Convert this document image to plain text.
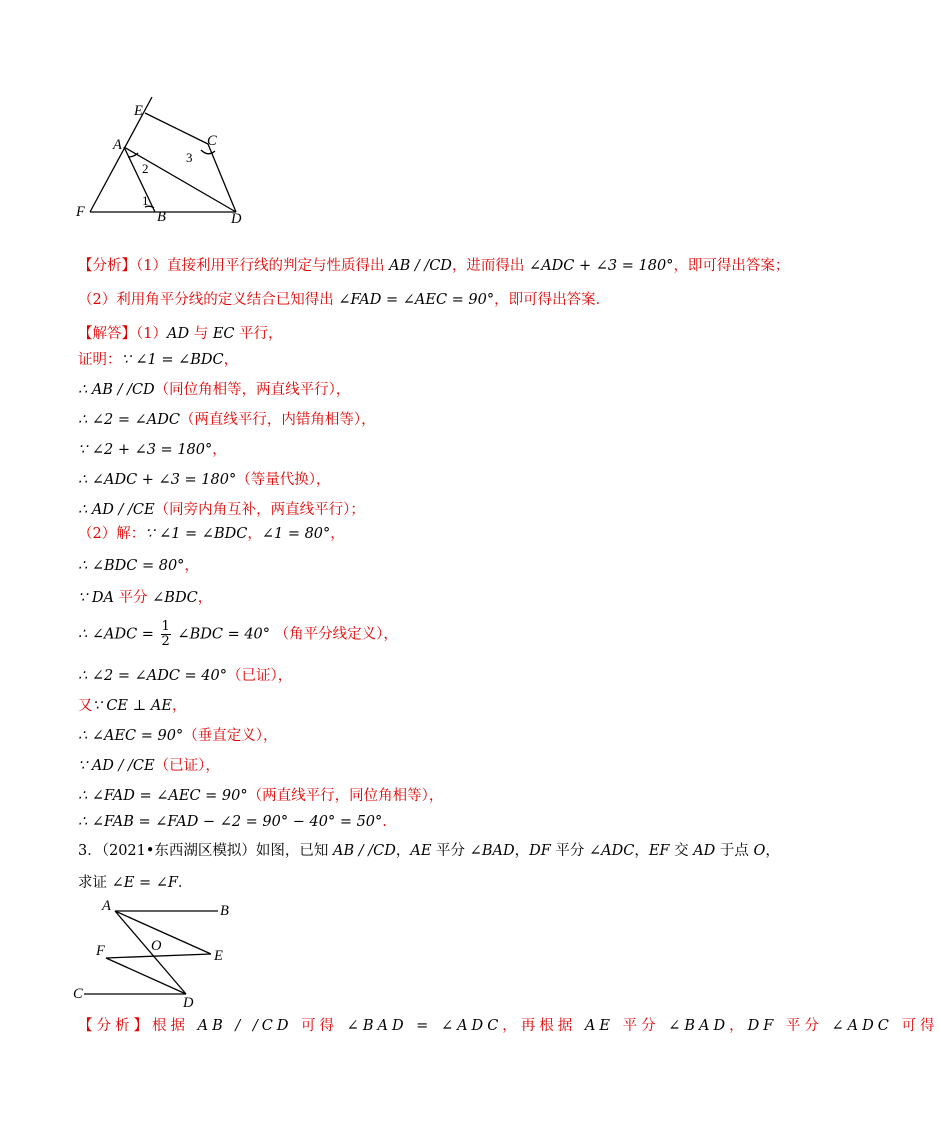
E
A	C
F	B	D
1
2
3
【分析】（1）直接利用平行线的判定与性质得出 AB / /CD，进而得出 ∠ADC + ∠3 = 180°，即可得出答案；
（2）利用角平分线的定义结合已知得出 ∠FAD = ∠AEC = 90°，即可得出答案．
【解答】（1）AD 与 EC 平行，
证明：∵ ∠1 = ∠BDC，
∴ AB / /CD（同位角相等，两直线平行），
∴ ∠2 = ∠ADC（两直线平行，内错角相等），
∵ ∠2 + ∠3 = 180°，
∴ ∠ADC + ∠3 = 180°（等量代换），
∴ AD / /CE（同旁内角互补，两直线平行）；
（2）解：∵ ∠1 = ∠BDC，∠1 = 80°，
∴ ∠BDC = 80°，
∵ DA 平分 ∠BDC，
∴ ∠ADC = $\frac{1}{2}$ ∠BDC = 40° （角平分线定义），
∴ ∠2 = ∠ADC = 40°（已证），
又∵ CE ⊥ AE，
∴ ∠AEC = 90°（垂直定义），
∵ AD / /CE（已证），
∴ ∠FAD = ∠AEC = 90°（两直线平行，同位角相等），
∴ ∠FAB = ∠FAD − ∠2 = 90° − 40° = 50°.
3．（2021•东西湖区模拟）如图，已知 AB / /CD，AE 平分 ∠BAD，DF 平分 ∠ADC，EF 交 AD 于点 O，
求证 ∠E = ∠F．
A	B
F	O
E
C
D
【分析】根据 AB / /CD 可得 ∠BAD = ∠ADC，再根据 AE 平分 ∠BAD，DF 平分 ∠ADC 可得
